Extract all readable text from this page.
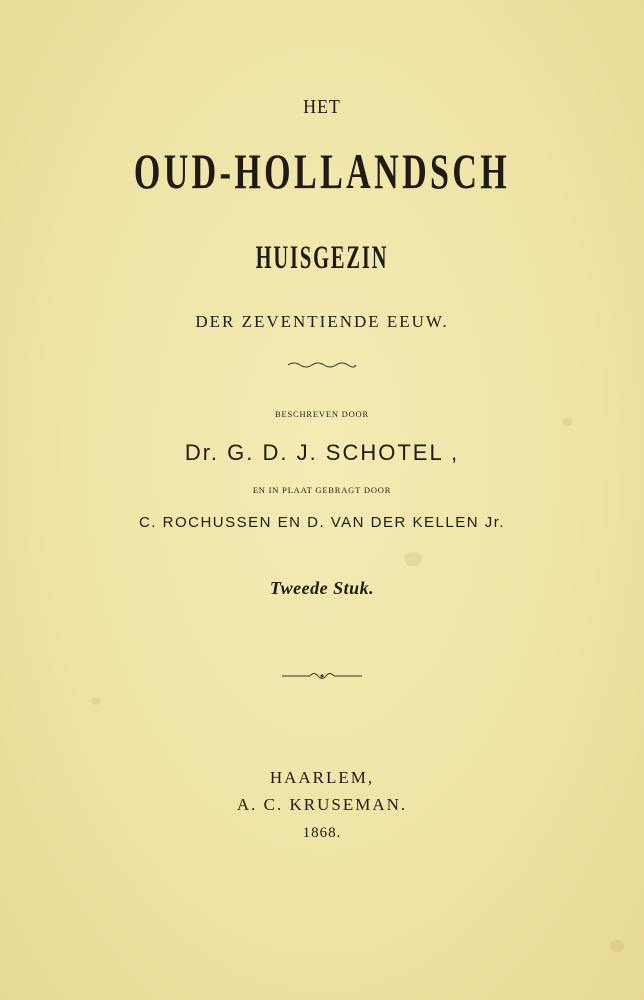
HET
OUD-HOLLANDSCH
HUISGEZIN
DER ZEVENTIENDE EEUW.
BESCHREVEN DOOR
Dr. G. D. J. SCHOTEL ,
EN IN PLAAT GEBRAGT DOOR
C. ROCHUSSEN EN D. VAN DER KELLEN Jr.
Tweede Stuk.
HAARLEM,
A. C. KRUSEMAN.
1868.
